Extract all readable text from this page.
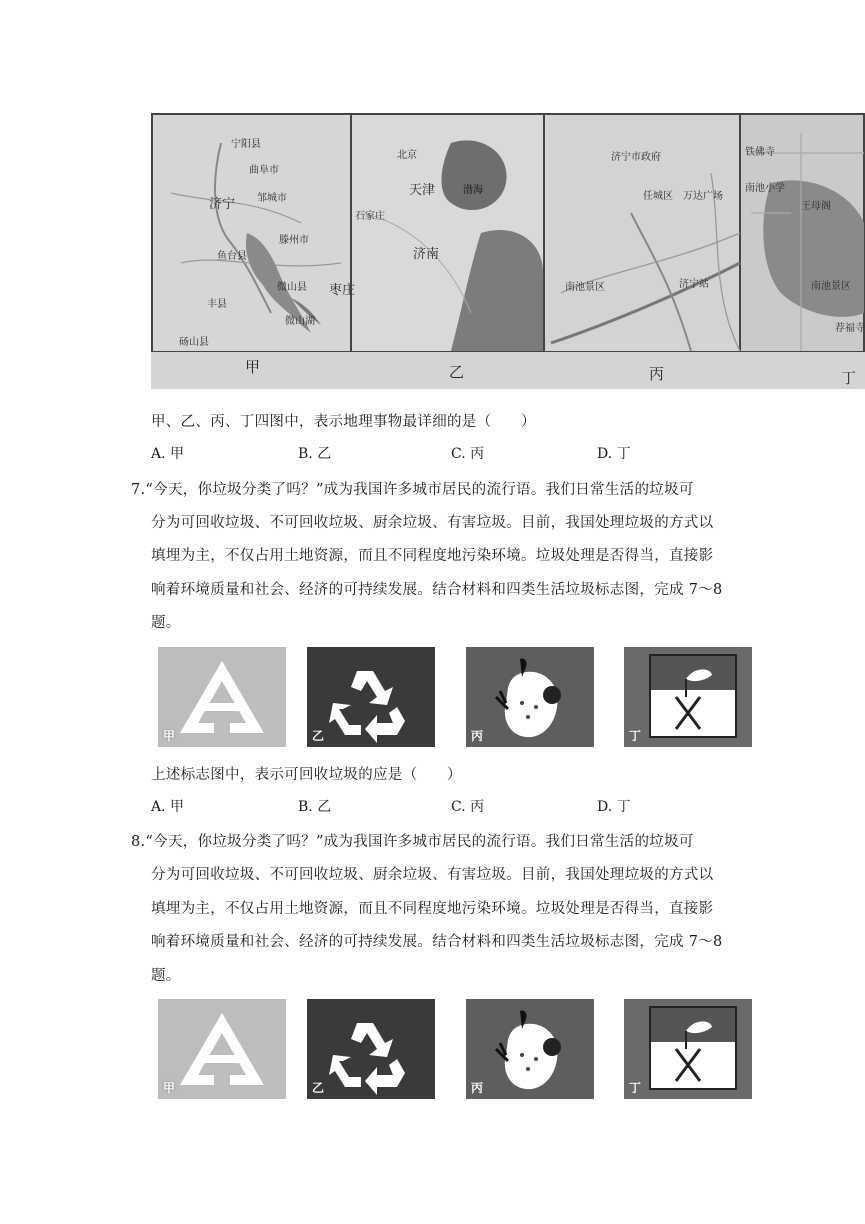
宁阳县
曲阜市
邹城市
济宁
滕州市
鱼台县
微山县 枣庄
丰县
微山湖
砀山县
北京
天津	渤海
石家庄
济南
济宁市政府
任城区 万达广场
南池景区	济宁站
铁佛寺
南池小学
王母阁
南池景区
荐福寺
甲	乙	丙	丁
甲、乙、丙、丁四图中，表示地理事物最详细的是（　　）
A. 甲	B. 乙	C. 丙	D. 丁
7.“今天，你垃圾分类了吗？”成为我国许多城市居民的流行语。我们日常生活的垃圾可
分为可回收垃圾、不可回收垃圾、厨余垃圾、有害垃圾。目前，我国处理垃圾的方式以
填埋为主，不仅占用土地资源，而且不同程度地污染环境。垃圾处理是否得当，直接影
响着环境质量和社会、经济的可持续发展。结合材料和四类生活垃圾标志图，完成 7～8
题。
甲	乙	丙	丁
上述标志图中，表示可回收垃圾的应是（　　）
A. 甲	B. 乙	C. 丙	D. 丁
8.“今天，你垃圾分类了吗？”成为我国许多城市居民的流行语。我们日常生活的垃圾可
分为可回收垃圾、不可回收垃圾、厨余垃圾、有害垃圾。目前，我国处理垃圾的方式以
填埋为主，不仅占用土地资源，而且不同程度地污染环境。垃圾处理是否得当，直接影
响着环境质量和社会、经济的可持续发展。结合材料和四类生活垃圾标志图，完成 7～8
题。
甲	乙	丙	丁
